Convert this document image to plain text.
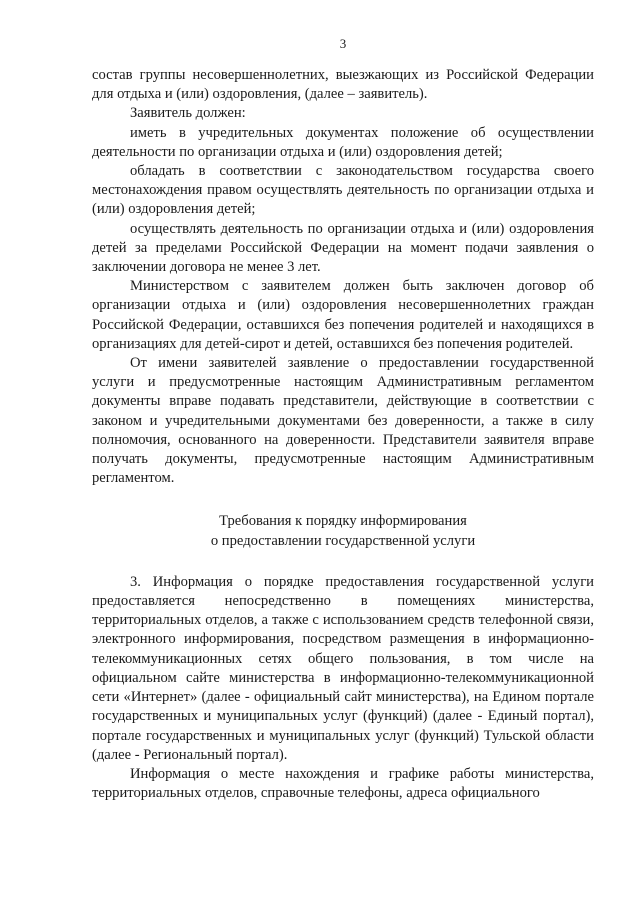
3

состав группы несовершеннолетних, выезжающих из Российской Федерации для отдыха и (или) оздоровления, (далее – заявитель).

Заявитель должен:

иметь в учредительных документах положение об осуществлении деятельности по организации отдыха и (или) оздоровления детей;

обладать в соответствии с законодательством государства своего местонахождения правом осуществлять деятельность по организации отдыха и (или) оздоровления детей;

осуществлять деятельность по организации отдыха и (или) оздоровления детей за пределами Российской Федерации на момент подачи заявления о заключении договора не менее 3 лет.

Министерством с заявителем должен быть заключен договор об организации отдыха и (или) оздоровления несовершеннолетних граждан Российской Федерации, оставшихся без попечения родителей и находящихся в организациях для детей-сирот и детей, оставшихся без попечения родителей.

От имени заявителей заявление о предоставлении государственной услуги и предусмотренные настоящим Административным регламентом документы вправе подавать представители, действующие в соответствии с законом и учредительными документами без доверенности, а также в силу полномочия, основанного на доверенности. Представители заявителя вправе получать документы, предусмотренные настоящим Административным регламентом.

Требования к порядку информирования
о предоставлении государственной услуги

3. Информация о порядке предоставления государственной услуги предоставляется непосредственно в помещениях министерства, территориальных отделов, а также с использованием средств телефонной связи, электронного информирования, посредством размещения в информационно-телекоммуникационных сетях общего пользования, в том числе на официальном сайте министерства в информационно-телекоммуникационной сети «Интернет» (далее - официальный сайт министерства), на Едином портале государственных и муниципальных услуг (функций) (далее - Единый портал), портале государственных и муниципальных услуг (функций) Тульской области (далее - Региональный портал).

Информация о месте нахождения и графике работы министерства, территориальных отделов, справочные телефоны, адреса официального
